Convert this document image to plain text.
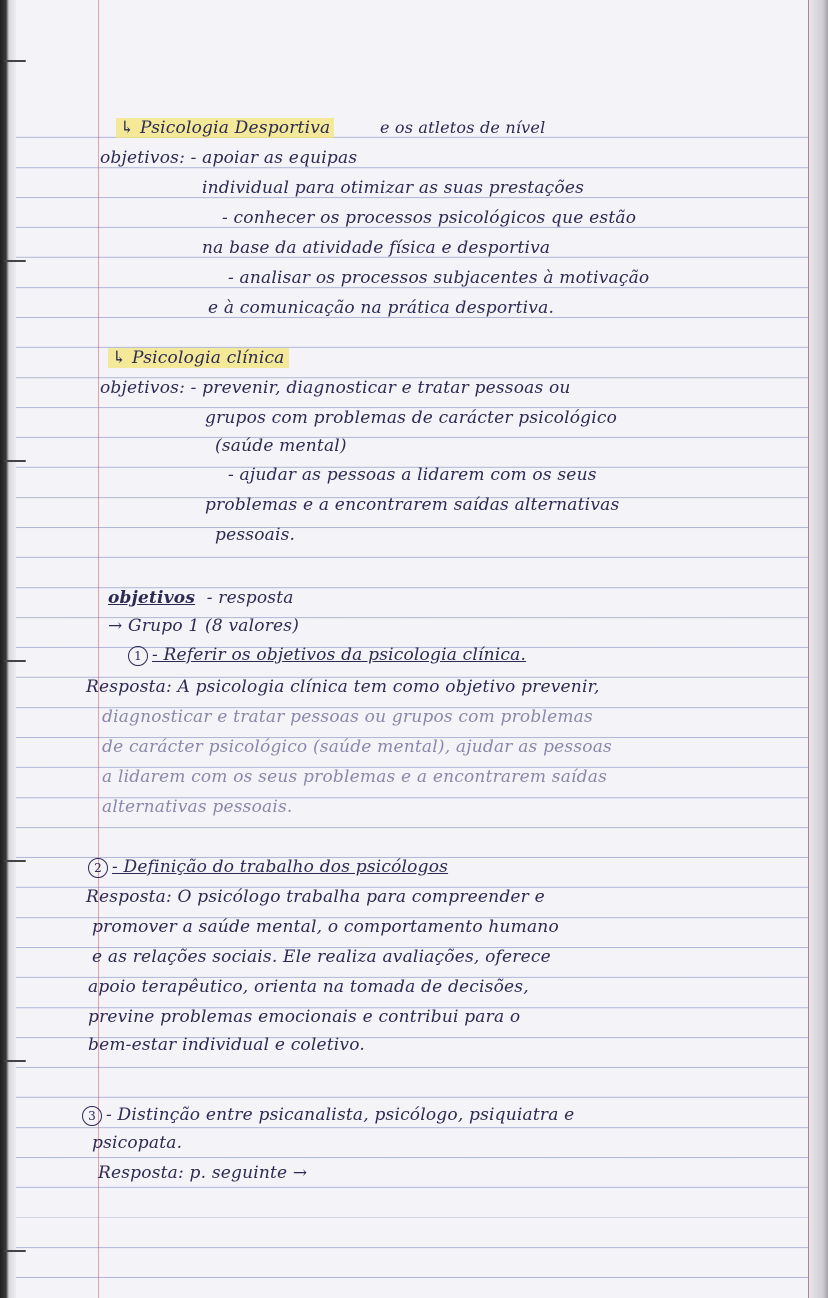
↳ Psicologia Desportiva	e os atletos de nível
objetivos: - apoiar as equipas
individual para otimizar as suas prestações
- conhecer os processos psicológicos que estão
na base da atividade física e desportiva
- analisar os processos subjacentes à motivação
e à comunicação na prática desportiva.
↳ Psicologia clínica
objetivos: - prevenir, diagnosticar e tratar pessoas ou
grupos com problemas de carácter psicológico
(saúde mental)
- ajudar as pessoas a lidarem com os seus
problemas e a encontrarem saídas alternativas
pessoais.
objetivos - resposta
→ Grupo 1 (8 valores)
1 - Referir os objetivos da psicologia clínica.
Resposta: A psicologia clínica tem como objetivo prevenir,
diagnosticar e tratar pessoas ou grupos com problemas
de carácter psicológico (saúde mental), ajudar as pessoas
a lidarem com os seus problemas e a encontrarem saídas
alternativas pessoais.
2 - Definição do trabalho dos psicólogos
Resposta: O psicólogo trabalha para compreender e
promover a saúde mental, o comportamento humano
e as relações sociais. Ele realiza avaliações, oferece
apoio terapêutico, orienta na tomada de decisões,
previne problemas emocionais e contribui para o
bem-estar individual e coletivo.
3 - Distinção entre psicanalista, psicólogo, psiquiatra e
psicopata.
Resposta: p. seguinte →
